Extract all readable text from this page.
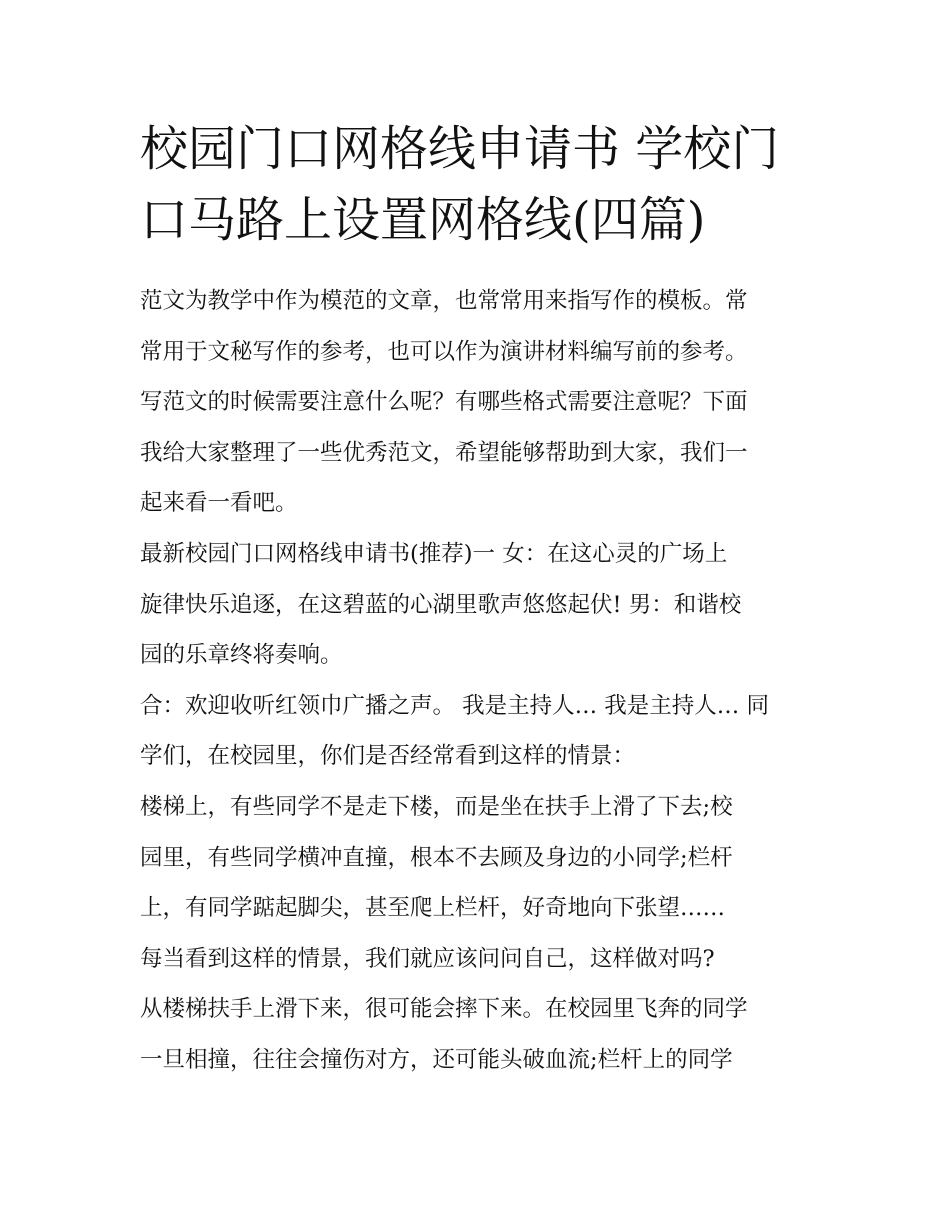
校园门口网格线申请书 学校门
口马路上设置网格线(四篇)
范文为教学中作为模范的文章，也常常用来指写作的模板。常
常用于文秘写作的参考，也可以作为演讲材料编写前的参考。
写范文的时候需要注意什么呢？有哪些格式需要注意呢？下面
我给大家整理了一些优秀范文，希望能够帮助到大家，我们一
起来看一看吧。
最新校园门口网格线申请书(推荐)一 女：在这心灵的广场上
旋律快乐追逐，在这碧蓝的心湖里歌声悠悠起伏! 男：和谐校
园的乐章终将奏响。
合：欢迎收听红领巾广播之声。 我是主持人… 我是主持人… 同
学们，在校园里，你们是否经常看到这样的情景：
楼梯上，有些同学不是走下楼，而是坐在扶手上滑了下去;校
园里，有些同学横冲直撞，根本不去顾及身边的小同学;栏杆
上，有同学踮起脚尖，甚至爬上栏杆，好奇地向下张望……
每当看到这样的情景，我们就应该问问自己，这样做对吗?
从楼梯扶手上滑下来，很可能会摔下来。在校园里飞奔的同学
一旦相撞，往往会撞伤对方，还可能头破血流;栏杆上的同学
